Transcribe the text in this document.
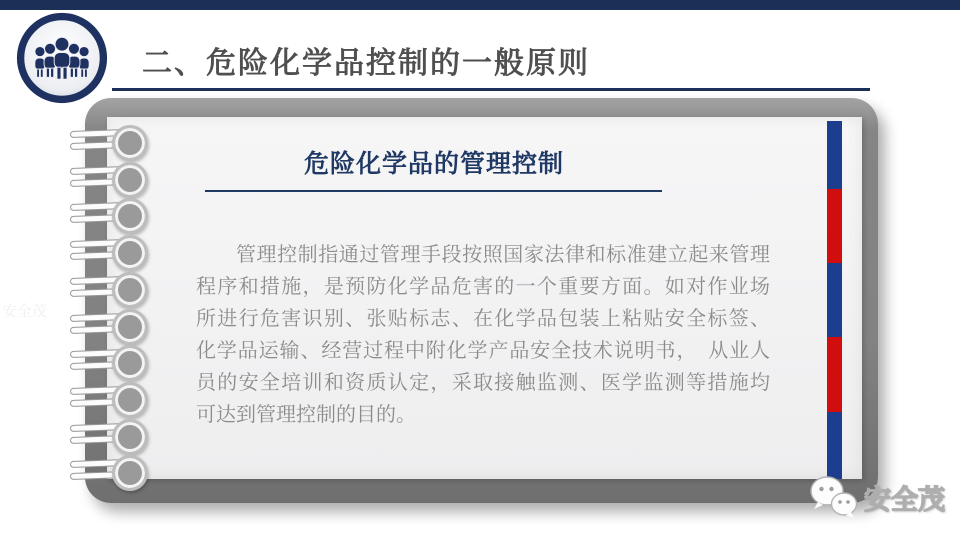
二、危险化学品控制的一般原则
危险化学品的管理控制
管理控制指通过管理手段按照国家法律和标准建立起来管理
程序和措施，是预防化学品危害的一个重要方面。如对作业场
所进行危害识别、张贴标志、在化学品包装上粘贴安全标签、
化学品运输、经营过程中附化学产品安全技术说明书，　从业人
员的安全培训和资质认定，采取接触监测、医学监测等措施均
可达到管理控制的目的。
安全茂
安全茂
